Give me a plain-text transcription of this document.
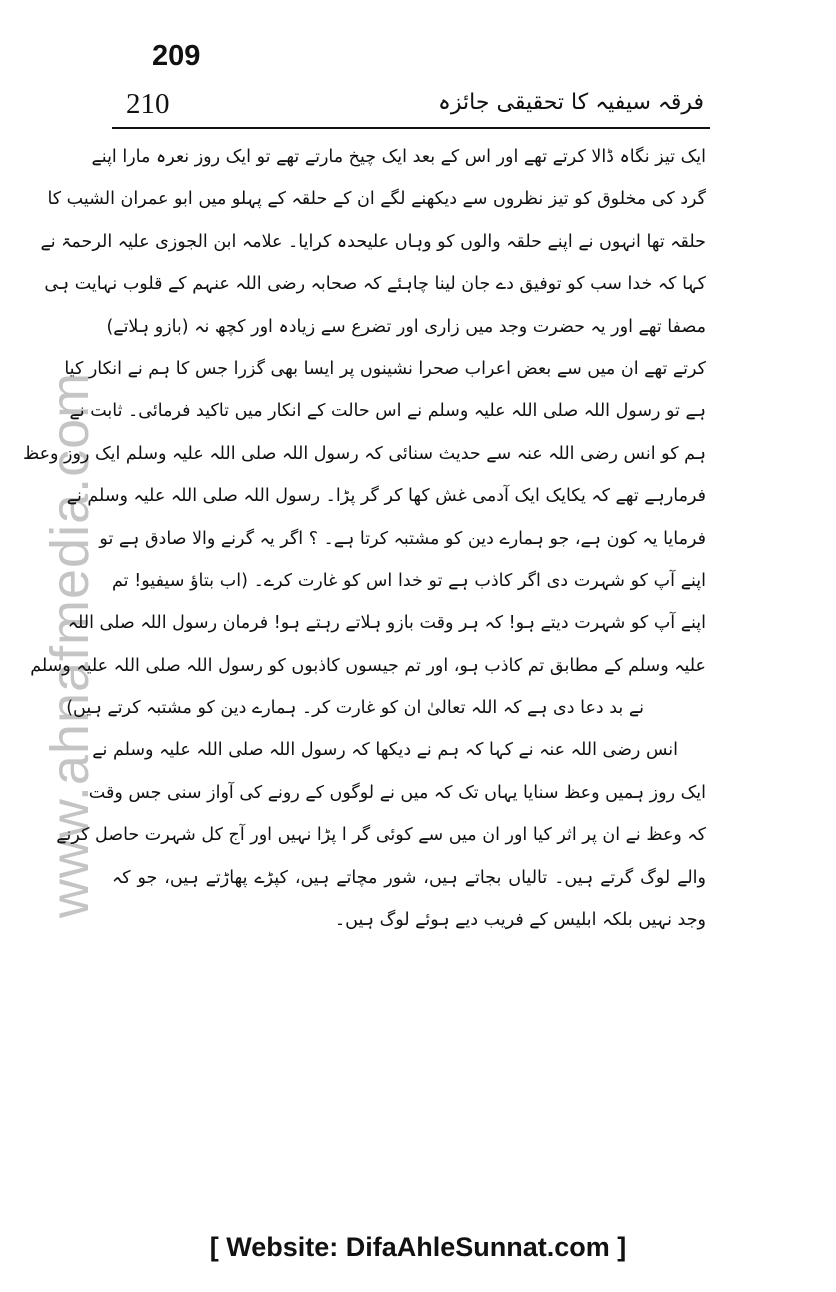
209
210	فرقہ سیفیہ کا تحقیقی جائزہ
www.ahnafmedia.com
ایک تیز نگاہ ڈالا کرتے تھے اور اس کے بعد ایک چیخ مارتے تھے تو ایک روز نعرہ مارا اپنے
گرد کی مخلوق کو تیز نظروں سے دیکھنے لگے ان کے حلقہ کے پہلو میں ابو عمران الشیب کا
حلقہ تھا انہوں نے اپنے حلقہ والوں کو وہاں علیحدہ کرایا۔ علامہ ابن الجوزی علیہ الرحمۃ نے
کہا کہ خدا سب کو توفیق دے جان لینا چاہئے کہ صحابہ رضی اللہ عنہم کے قلوب نہایت ہی
مصفا تھے اور یہ حضرت وجد میں زاری اور تضرع سے زیادہ اور کچھ نہ (بازو ہلاتے)
کرتے تھے ان میں سے بعض اعراب صحرا نشینوں پر ایسا بھی گزرا جس کا ہم نے انکار کیا
ہے تو رسول اللہ صلی اللہ علیہ وسلم نے اس حالت کے انکار میں تاکید فرمائی۔ ثابت نے
ہم کو انس رضی اللہ عنہ سے حدیث سنائی کہ رسول اللہ صلی اللہ علیہ وسلم ایک روز وعظ
فرمارہے تھے کہ یکایک ایک آدمی غش کھا کر گر پڑا۔ رسول اللہ صلی اللہ علیہ وسلم نے
فرمایا یہ کون ہے، جو ہمارے دین کو مشتبہ کرتا ہے۔ ؟ اگر یہ گرنے والا صادق ہے تو
اپنے آپ کو شہرت دی اگر کاذب ہے تو خدا اس کو غارت کرے۔ (اب بتاؤ سیفیو! تم
اپنے آپ کو شہرت دیتے ہو! کہ ہر وقت بازو ہلاتے رہتے ہو! فرمان رسول اللہ صلی اللہ
علیہ وسلم کے مطابق تم کاذب ہو، اور تم جیسوں کاذبوں کو رسول اللہ صلی اللہ علیہ وسلم
نے بد دعا دی ہے کہ اللہ تعالیٰ ان کو غارت کر۔ ہمارے دین کو مشتبہ کرتے ہیں)
انس رضی اللہ عنہ نے کہا کہ ہم نے دیکھا کہ رسول اللہ صلی اللہ علیہ وسلم نے
ایک روز ہمیں وعظ سنایا یہاں تک کہ میں نے لوگوں کے رونے کی آواز سنی جس وقت
کہ وعظ نے ان پر اثر کیا اور ان میں سے کوئی گر ا پڑا نہیں اور آج کل شہرت حاصل کرنے
والے لوگ گرتے ہیں۔ تالیاں بجاتے ہیں، شور مچاتے ہیں، کپڑے پھاڑتے ہیں، جو کہ
وجد نہیں بلکہ ابلیس کے فریب دیے ہوئے لوگ ہیں۔
[ Website: DifaAhleSunnat.com ]
